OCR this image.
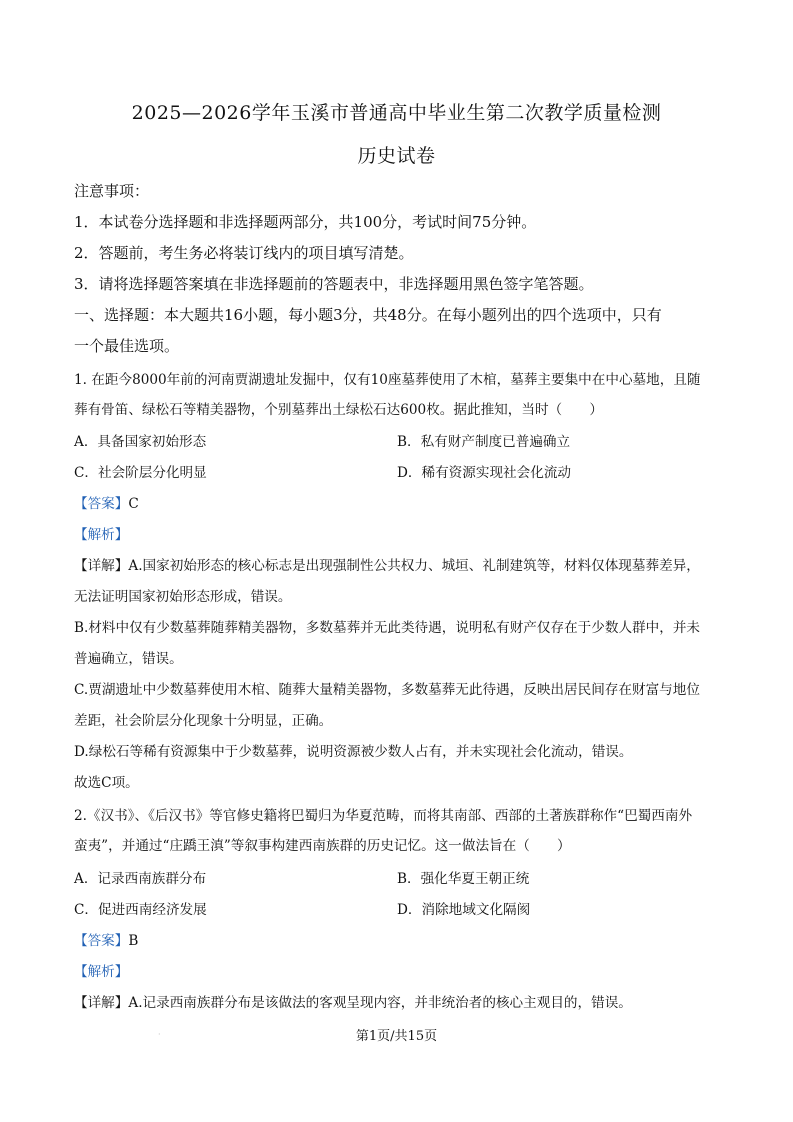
2025—2026学年玉溪市普通高中毕业生第二次教学质量检测
历史试卷
注意事项：
1．本试卷分选择题和非选择题两部分，共100分，考试时间75分钟。
2．答题前，考生务必将装订线内的项目填写清楚。
3．请将选择题答案填在非选择题前的答题表中，非选择题用黑色签字笔答题。
一、选择题：本大题共16小题，每小题3分，共48分。在每小题列出的四个选项中，只有
一个最佳选项。
1. 在距今8000年前的河南贾湖遗址发掘中，仅有10座墓葬使用了木棺，墓葬主要集中在中心墓地，且随
葬有骨笛、绿松石等精美器物，个别墓葬出土绿松石达600枚。据此推知，当时（　　）
A．具备国家初始形态	B．私有财产制度已普遍确立
C．社会阶层分化明显	D．稀有资源实现社会化流动
【答案】C
【解析】
【详解】A.国家初始形态的核心标志是出现强制性公共权力、城垣、礼制建筑等，材料仅体现墓葬差异，
无法证明国家初始形态形成，错误。
B.材料中仅有少数墓葬随葬精美器物，多数墓葬并无此类待遇，说明私有财产仅存在于少数人群中，并未
普遍确立，错误。
C.贾湖遗址中少数墓葬使用木棺、随葬大量精美器物，多数墓葬无此待遇，反映出居民间存在财富与地位
差距，社会阶层分化现象十分明显，正确。
D.绿松石等稀有资源集中于少数墓葬，说明资源被少数人占有，并未实现社会化流动，错误。
故选C项。
2.《汉书》、《后汉书》等官修史籍将巴蜀归为华夏范畴，而将其南部、西部的土著族群称作“巴蜀西南外
蛮夷”，并通过“庄蹻王滇”等叙事构建西南族群的历史记忆。这一做法旨在（　　）
A．记录西南族群分布	B．强化华夏王朝正统
C．促进西南经济发展	D．消除地域文化隔阂
【答案】B
【解析】
【详解】A.记录西南族群分布是该做法的客观呈现内容，并非统治者的核心主观目的，错误。
·	第1页/共15页
